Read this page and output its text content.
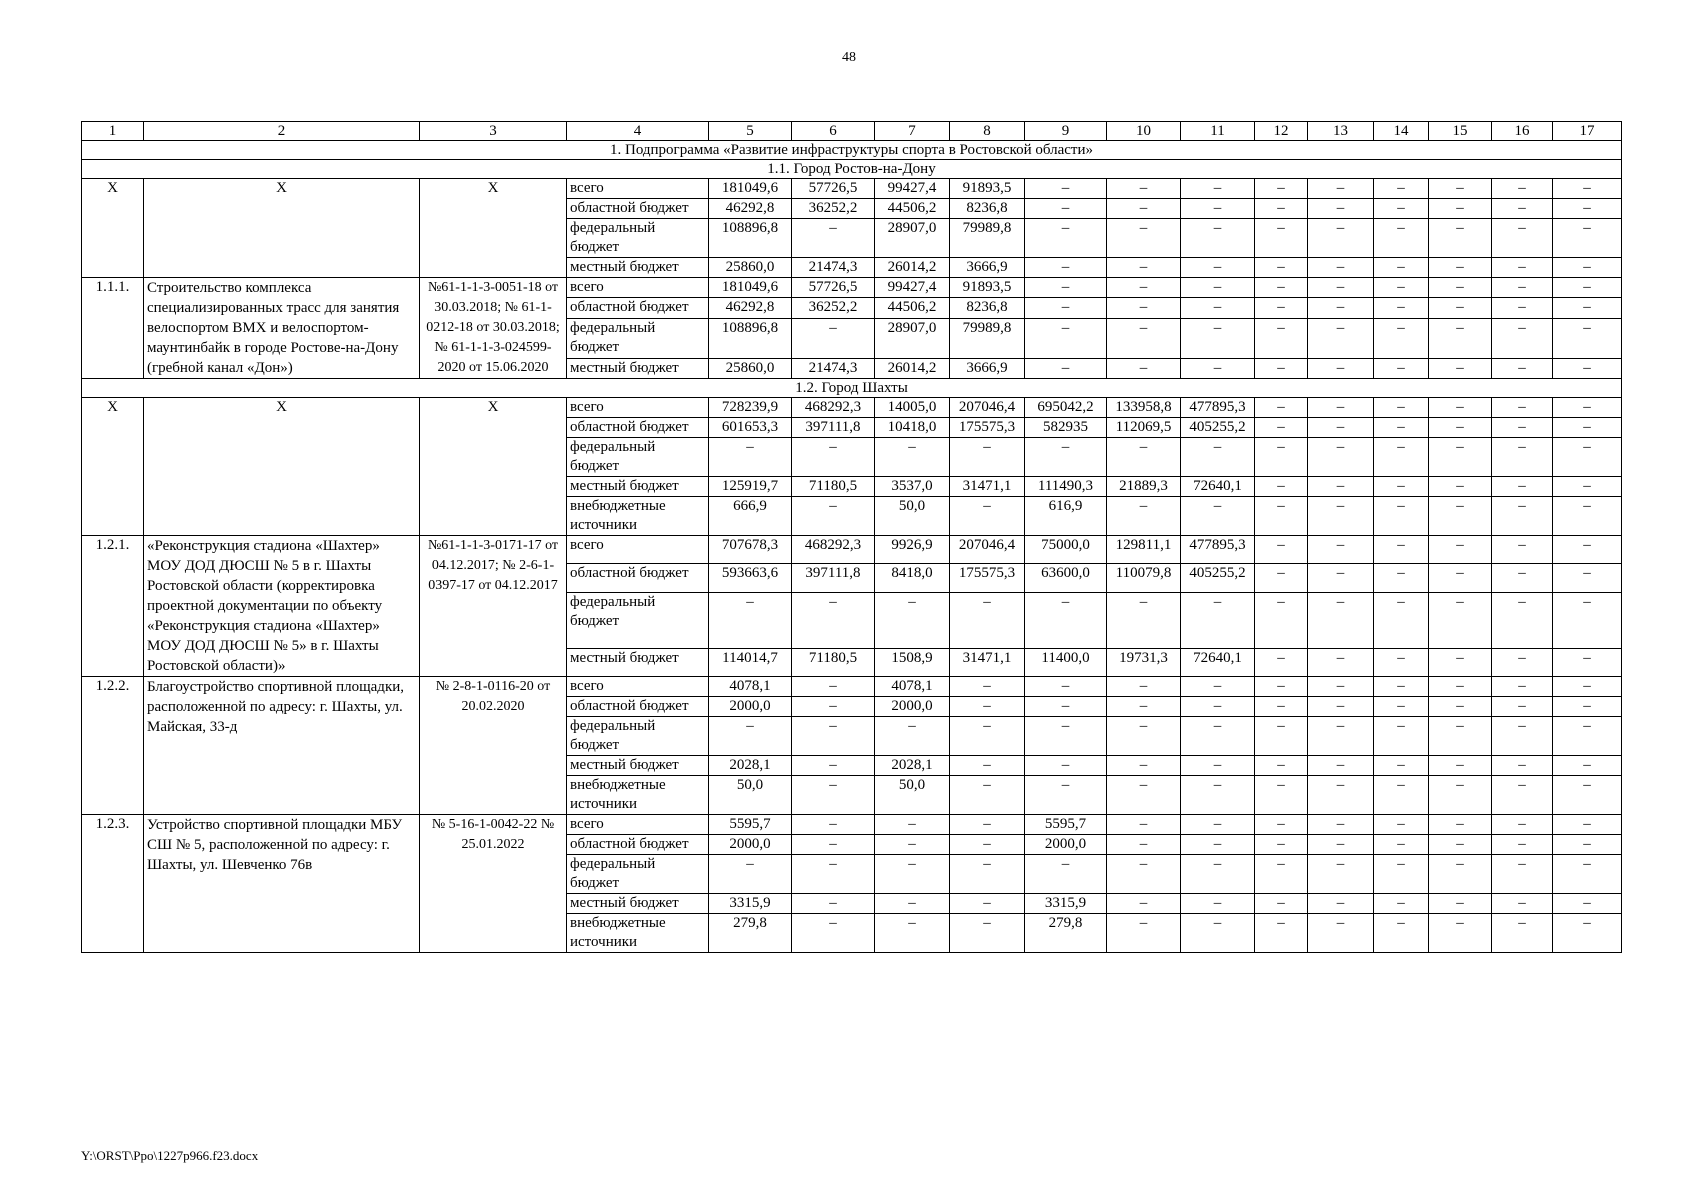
48
1	2	3	4	5	6	7	8	9	10	11	12	13	14	15	16	17
1. Подпрограмма «Развитие инфраструктуры спорта в Ростовской области»																
1.1. Город Ростов-на-Дону																
X	X	X	всего	181049,6	57726,5	99427,4	91893,5	–	–	–	–	–	–	–	–	–
			областной бюджет	46292,8	36252,2	44506,2	8236,8	–	–	–	–	–	–	–	–	–
			федеральный бюджет	108896,8	–	28907,0	79989,8	–	–	–	–	–	–	–	–	–
			местный бюджет	25860,0	21474,3	26014,2	3666,9	–	–	–	–	–	–	–	–	–
1.1.1.	Строительство комплекса специализированных трасс для занятия велоспортом ВМХ и велоспортом-маунтинбайк в городе Ростове-на-Дону (гребной канал «Дон»)	№61-1-1-3-0051-18 от 30.03.2018; № 61-1-0212-18 от 30.03.2018; № 61-1-1-3-024599-2020 от 15.06.2020	всего	181049,6	57726,5	99427,4	91893,5	–	–	–	–	–	–	–	–	–
			областной бюджет	46292,8	36252,2	44506,2	8236,8	–	–	–	–	–	–	–	–	–
			федеральный бюджет	108896,8	–	28907,0	79989,8	–	–	–	–	–	–	–	–	–
			местный бюджет	25860,0	21474,3	26014,2	3666,9	–	–	–	–	–	–	–	–	–
1.2. Город Шахты																
X	X	X	всего	728239,9	468292,3	14005,0	207046,4	695042,2	133958,8	477895,3	–	–	–	–	–	–
			областной бюджет	601653,3	397111,8	10418,0	175575,3	582935	112069,5	405255,2	–	–	–	–	–	–
			федеральный бюджет	–	–	–	–	–	–	–	–	–	–	–	–	–
			местный бюджет	125919,7	71180,5	3537,0	31471,1	111490,3	21889,3	72640,1	–	–	–	–	–	–
			внебюджетные источники	666,9	–	50,0	–	616,9	–	–	–	–	–	–	–	–
1.2.1.	«Реконструкция стадиона «Шахтер» МОУ ДОД ДЮСШ № 5 в г. Шахты Ростовской области (корректировка проектной документации по объекту «Реконструкция стадиона «Шахтер» МОУ ДОД ДЮСШ № 5» в г. Шахты Ростовской области)»	№61-1-1-3-0171-17 от 04.12.2017; № 2-6-1-0397-17 от 04.12.2017	всего	707678,3	468292,3	9926,9	207046,4	75000,0	129811,1	477895,3	–	–	–	–	–	–
			областной бюджет	593663,6	397111,8	8418,0	175575,3	63600,0	110079,8	405255,2	–	–	–	–	–	–
			федеральный бюджет	–	–	–	–	–	–	–	–	–	–	–	–	–
			местный бюджет	114014,7	71180,5	1508,9	31471,1	11400,0	19731,3	72640,1	–	–	–	–	–	–
1.2.2.	Благоустройство спортивной площадки, расположенной по адресу: г. Шахты, ул. Майская, 33-д	№ 2-8-1-0116-20 от 20.02.2020	всего	4078,1	–	4078,1	–	–	–	–	–	–	–	–	–	–
			областной бюджет	2000,0	–	2000,0	–	–	–	–	–	–	–	–	–	–
			федеральный бюджет	–	–	–	–	–	–	–	–	–	–	–	–	–
			местный бюджет	2028,1	–	2028,1	–	–	–	–	–	–	–	–	–	–
			внебюджетные источники	50,0	–	50,0	–	–	–	–	–	–	–	–	–	–
1.2.3.	Устройство спортивной площадки МБУ СШ № 5, расположенной по адресу: г. Шахты, ул. Шевченко 76в	№ 5-16-1-0042-22 № 25.01.2022	всего	5595,7	–	–	–	5595,7	–	–	–	–	–	–	–	–
			областной бюджет	2000,0	–	–	–	2000,0	–	–	–	–	–	–	–	–
			федеральный бюджет	–	–	–	–	–	–	–	–	–	–	–	–	–
			местный бюджет	3315,9	–	–	–	3315,9	–	–	–	–	–	–	–	–
			внебюджетные источники	279,8	–	–	–	279,8	–	–	–	–	–	–	–	–
Y:\ORST\Ppo\1227p966.f23.docx
